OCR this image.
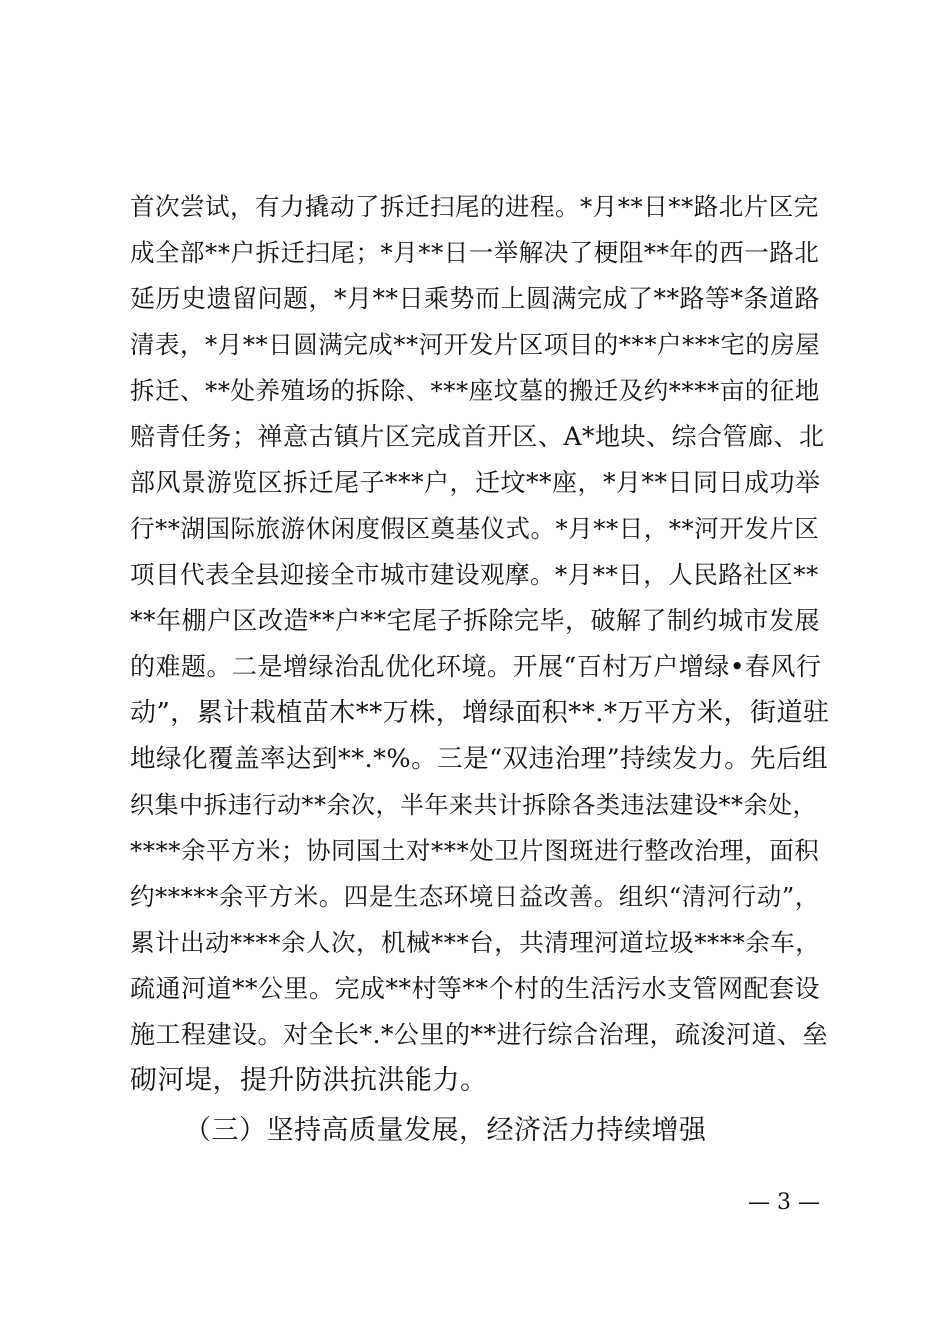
首次尝试，有力撬动了拆迁扫尾的进程。*月**日**路北片区完
成全部**户拆迁扫尾；*月**日一举解决了梗阻**年的西一路北
延历史遗留问题，*月**日乘势而上圆满完成了**路等*条道路
清表，*月**日圆满完成**河开发片区项目的***户***宅的房屋
拆迁、**处养殖场的拆除、***座坟墓的搬迁及约****亩的征地
赔青任务；禅意古镇片区完成首开区、A*地块、综合管廊、北
部风景游览区拆迁尾子***户，迁坟**座，*月**日同日成功举
行**湖国际旅游休闲度假区奠基仪式。*月**日，**河开发片区
项目代表全县迎接全市城市建设观摩。*月**日，人民路社区**
**年棚户区改造**户**宅尾子拆除完毕，破解了制约城市发展
的难题。二是增绿治乱优化环境。开展“百村万户增绿•春风行
动”，累计栽植苗木**万株，增绿面积**.*万平方米，街道驻
地绿化覆盖率达到**.*%。三是“双违治理”持续发力。先后组
织集中拆违行动**余次，半年来共计拆除各类违法建设**余处，
****余平方米；协同国土对***处卫片图斑进行整改治理，面积
约*****余平方米。四是生态环境日益改善。组织“清河行动”，
累计出动****余人次，机械***台，共清理河道垃圾****余车，
疏通河道**公里。完成**村等**个村的生活污水支管网配套设
施工程建设。对全长*.*公里的**进行综合治理，疏浚河道、垒
砌河堤，提升防洪抗洪能力。
（三）坚持高质量发展，经济活力持续增强
— 3 —
